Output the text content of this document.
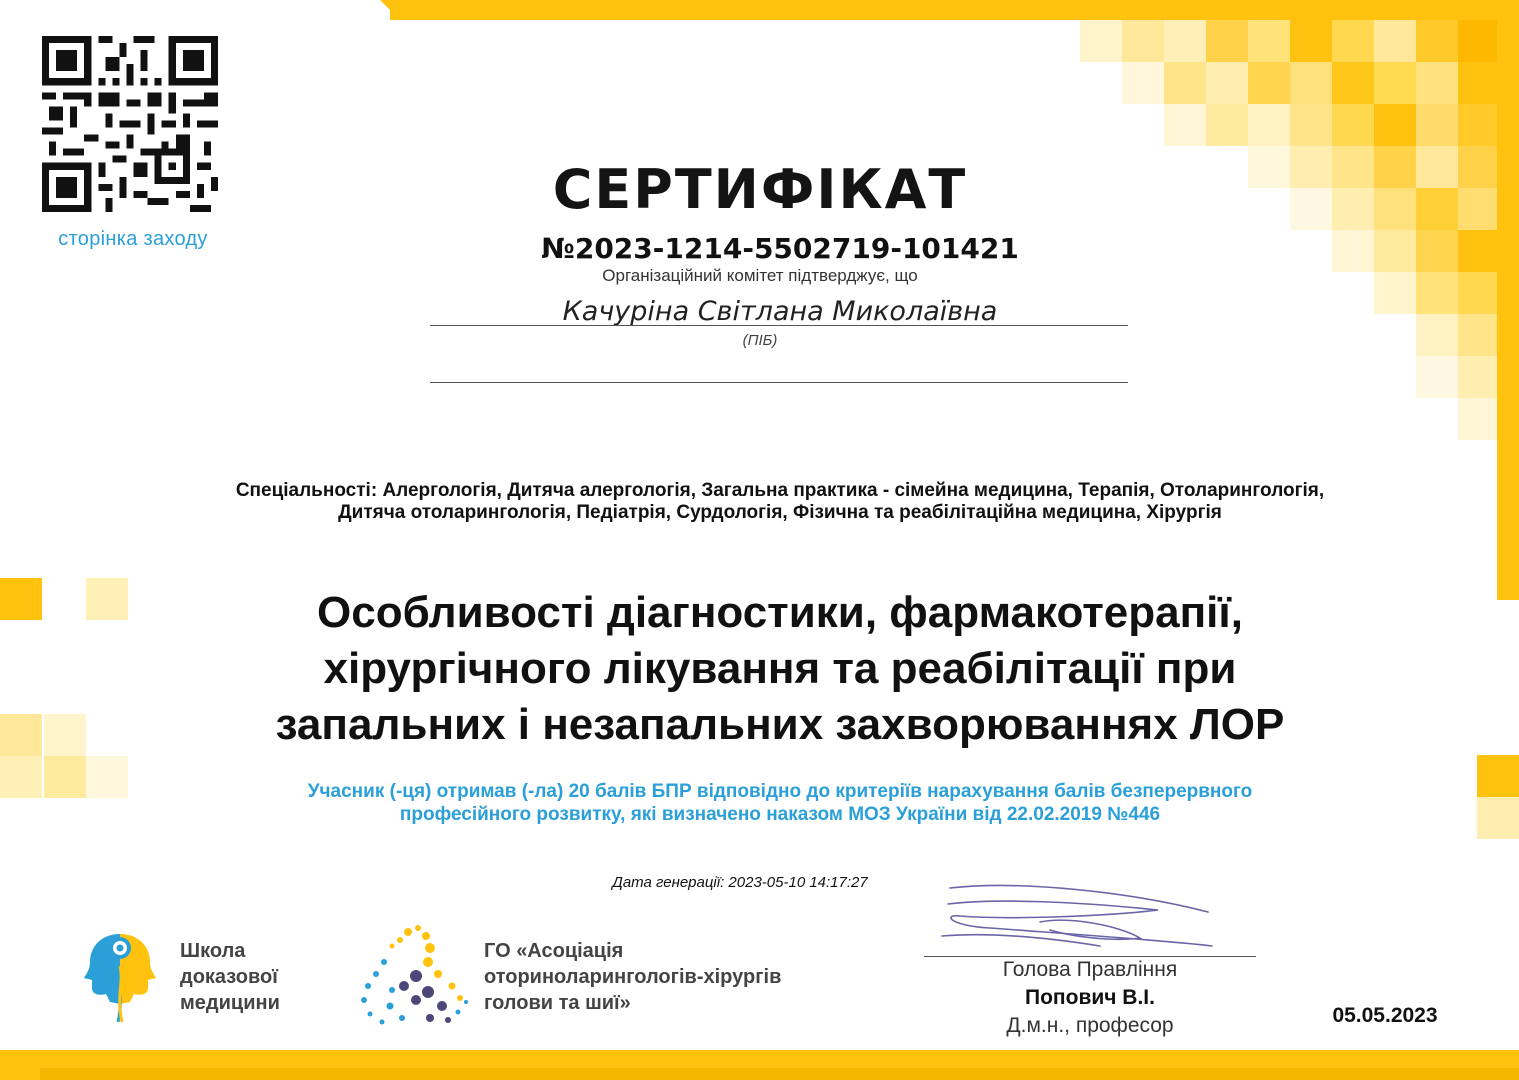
сторінка заходу
СЕРТИФІКАТ
№2023-1214-5502719-101421
Організаційний комітет підтверджує, що
Качуріна Світлана Миколаївна
(ПІБ)
Спеціальності: Алергологія, Дитяча алергологія, Загальна практика - сімейна медицина, Терапія, Отоларингологія, Дитяча отоларингологія, Педіатрія, Сурдологія, Фізична та реабілітаційна медицина, Хірургія
Особливості діагностики, фармакотерапії,
хірургічного лікування та реабілітації при
запальних і незапальних захворюваннях ЛОР
Учасник (-ця) отримав (-ла) 20 балів БПР відповідно до критеріїв нарахування балів безперервного
професійного розвитку, які визначено наказом МОЗ України від 22.02.2019 №446
Дата генерації: 2023-05-10 14:17:27
Школа
доказової
медицини
ГО «Асоціація
оториноларингологів-хірургів
голови та шиї»
Голова Правління
Попович В.І.
Д.м.н., професор	05.05.2023
